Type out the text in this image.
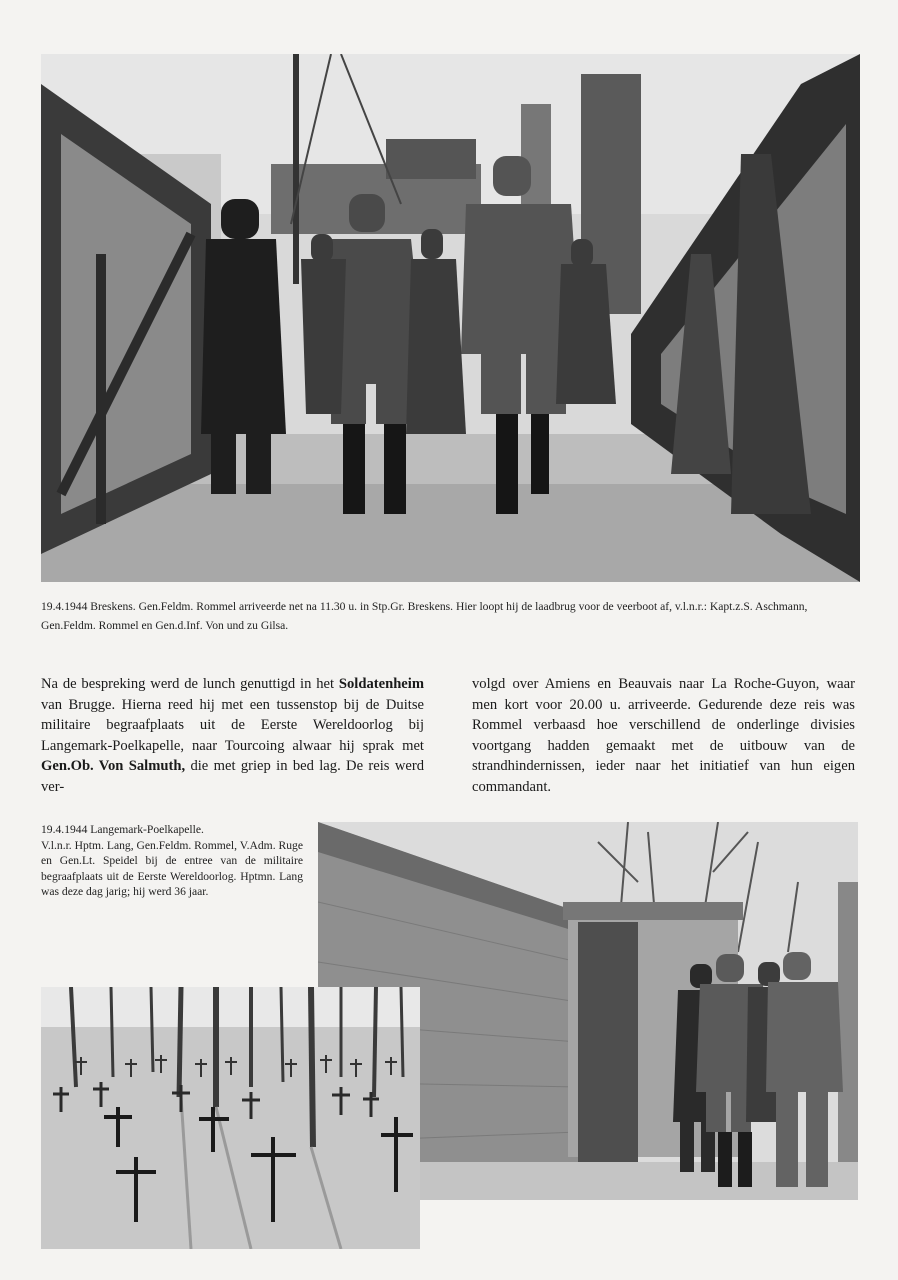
19.4.1944 Breskens. Gen.Feldm. Rommel arriveerde net na 11.30 u. in Stp.Gr. Breskens. Hier loopt hij de laadbrug voor de veerboot af, v.l.n.r.: Kapt.z.S. Aschmann, Gen.Feldm. Rommel en Gen.d.Inf. Von und zu Gilsa.
Na de bespreking werd de lunch genuttigd in het Soldatenheim van Brugge. Hierna reed hij met een tussenstop bij de Duitse militaire begraafplaats uit de Eerste Wereldoorlog bij Langemark-Poelkapelle, naar Tourcoing alwaar hij sprak met Gen.Ob. Von Salmuth, die met griep in bed lag. De reis werd ver-
volgd over Amiens en Beauvais naar La Roche-Guyon, waar men kort voor 20.00 u. arriveerde. Gedurende deze reis was Rommel verbaasd hoe verschillend de onderlinge divisies voortgang hadden gemaakt met de uitbouw van de strandhindernissen, ieder naar het initiatief van hun eigen commandant.
19.4.1944 Langemark-Poelkapelle.
V.l.n.r. Hptm. Lang, Gen.Feldm. Rommel, V.Adm. Ruge en Gen.Lt. Speidel bij de entree van de militaire begraafplaats uit de Eerste Wereldoorlog. Hptmn. Lang was deze dag jarig; hij werd 36 jaar.
